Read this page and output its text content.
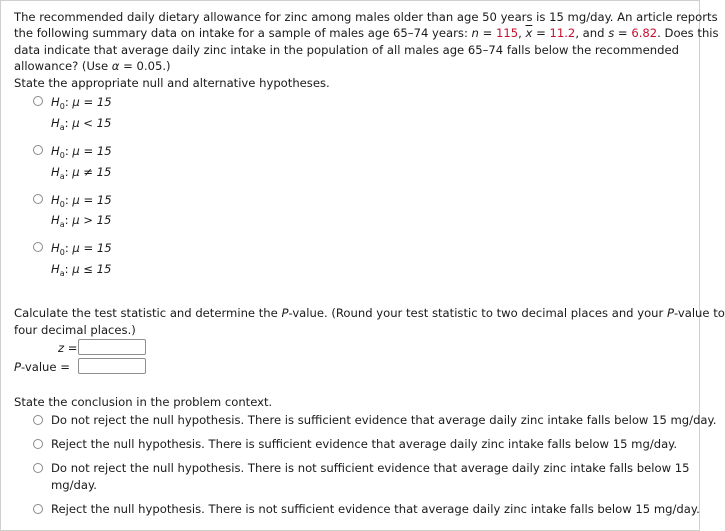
The recommended daily dietary allowance for zinc among males older than age 50 years is 15 mg/day. An article reports
the following summary data on intake for a sample of males age 65–74 years: n = 115, $\overline{x} = 11.2$, and s = 6.82. Does this
data indicate that average daily zinc intake in the population of all males age 65–74 falls below the recommended
allowance? (Use α = 0.05.)
State the appropriate null and alternative hypotheses.
$H_0$: μ = 15
$H_a$: μ < 15
$H_0$: μ = 15
$H_a$: μ ≠ 15
$H_0$: μ = 15
$H_a$: μ > 15
$H_0$: μ = 15
$H_a$: μ ≤ 15
Calculate the test statistic and determine the P-value. (Round your test statistic to two decimal places and your P-value to
four decimal places.)
z =
P-value =
State the conclusion in the problem context.
Do not reject the null hypothesis. There is sufficient evidence that average daily zinc intake falls below 15 mg/day.
Reject the null hypothesis. There is sufficient evidence that average daily zinc intake falls below 15 mg/day.
Do not reject the null hypothesis. There is not sufficient evidence that average daily zinc intake falls below 15
mg/day.
Reject the null hypothesis. There is not sufficient evidence that average daily zinc intake falls below 15 mg/day.
